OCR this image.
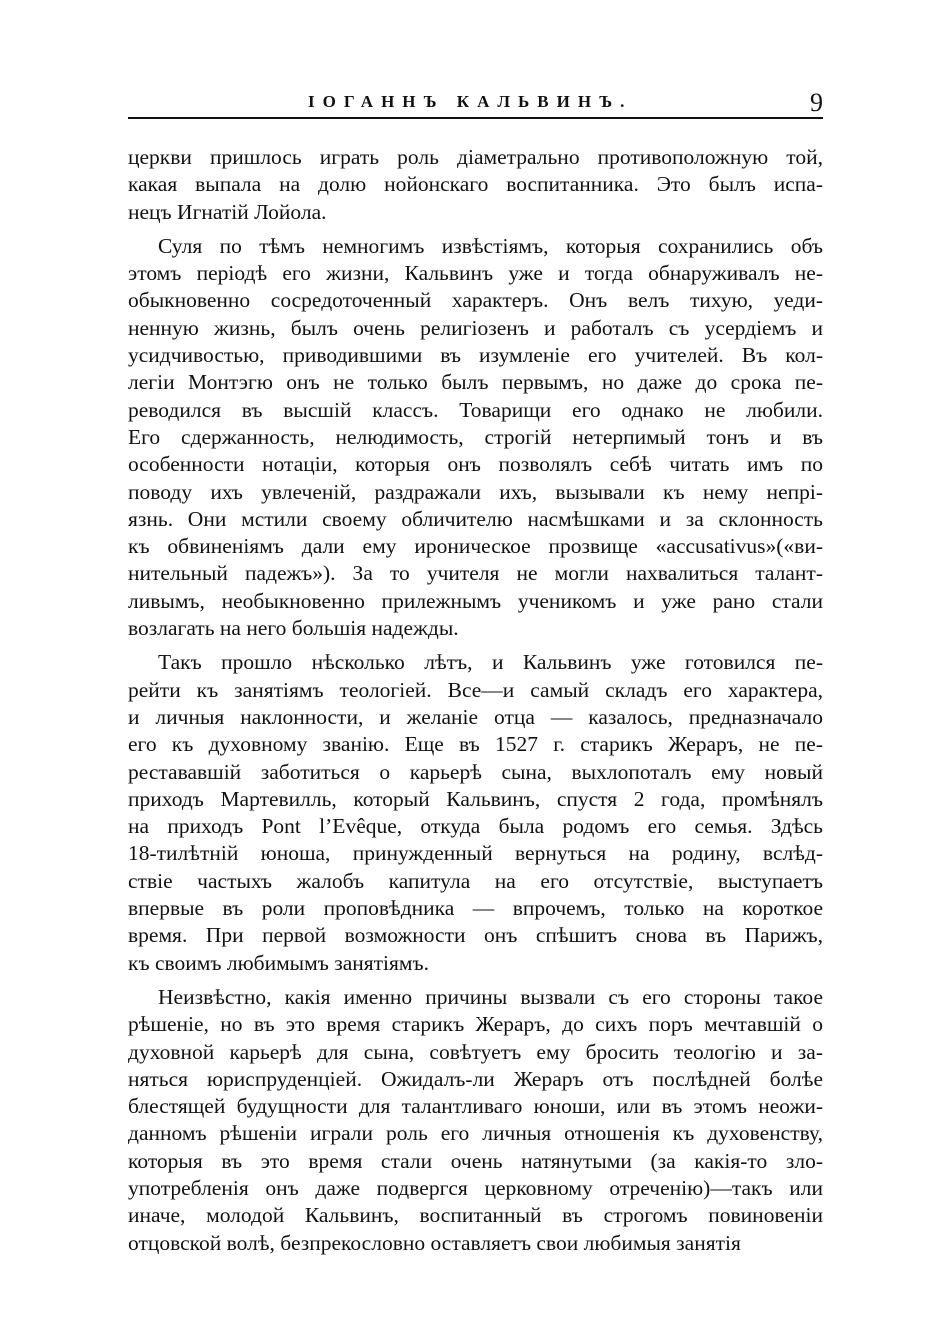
ІОГАННЪ КАЛЬВИНЪ.	9
церкви пришлось играть роль діаметрально противоположную той,
какая выпала на долю нойонскаго воспитанника. Это былъ испа-
нецъ Игнатій Лойола.
Суля по тѣмъ немногимъ извѣстіямъ, которыя сохранились объ
этомъ періодѣ его жизни, Кальвинъ уже и тогда обнаруживалъ не-
обыкновенно сосредоточенный характеръ. Онъ велъ тихую, уеди-
ненную жизнь, былъ очень религіозенъ и работалъ съ усердіемъ и
усидчивостью, приводившими въ изумленіе его учителей. Въ кол-
легіи Монтэгю онъ не только былъ первымъ, но даже до срока пе-
реводился въ высшій классъ. Товарищи его однако не любили.
Его сдержанность, нелюдимость, строгій нетерпимый тонъ и въ
особенности нотаціи, которыя онъ позволялъ себѣ читать имъ по
поводу ихъ увлеченій, раздражали ихъ, вызывали къ нему непрі-
язнь. Они мстили своему обличителю насмѣшками и за склонность
къ обвиненіямъ дали ему ироническое прозвище «accusativus»(«ви-
нительный падежъ»). За то учителя не могли нахвалиться талант-
ливымъ, необыкновенно прилежнымъ ученикомъ и уже рано стали
возлагать на него большія надежды.
Такъ прошло нѣсколько лѣтъ, и Кальвинъ уже готовился пе-
рейти къ занятіямъ теологіей. Все—и самый складъ его характера,
и личныя наклонности, и желаніе отца — казалось, предназначало
его къ духовному званію. Еще въ 1527 г. старикъ Жераръ, не пе-
рестававшій заботиться о карьерѣ сына, выхлопоталъ ему новый
приходъ Мартевилль, который Кальвинъ, спустя 2 года, промѣнялъ
на приходъ Pont l’Evêque, откуда была родомъ его семья. Здѣсь
18-тилѣтній юноша, принужденный вернуться на родину, вслѣд-
ствіе частыхъ жалобъ капитула на его отсутствіе, выступаетъ
впервые въ роли проповѣдника — впрочемъ, только на короткое
время. При первой возможности онъ спѣшитъ снова въ Парижъ,
къ своимъ любимымъ занятіямъ.
Неизвѣстно, какія именно причины вызвали съ его стороны такое
рѣшеніе, но въ это время старикъ Жераръ, до сихъ поръ мечтавшій о
духовной карьерѣ для сына, совѣтуетъ ему бросить теологію и за-
няться юриспруденціей. Ожидалъ-ли Жераръ отъ послѣдней болѣе
блестящей будущности для талантливаго юноши, или въ этомъ неожи-
данномъ рѣшеніи играли роль его личныя отношенія къ духовенству,
которыя въ это время стали очень натянутыми (за какія-то зло-
употребленія онъ даже подвергся церковному отреченію)—такъ или
иначе, молодой Кальвинъ, воспитанный въ строгомъ повиновеніи
отцовской волѣ, безпрекословно оставляетъ свои любимыя занятія
